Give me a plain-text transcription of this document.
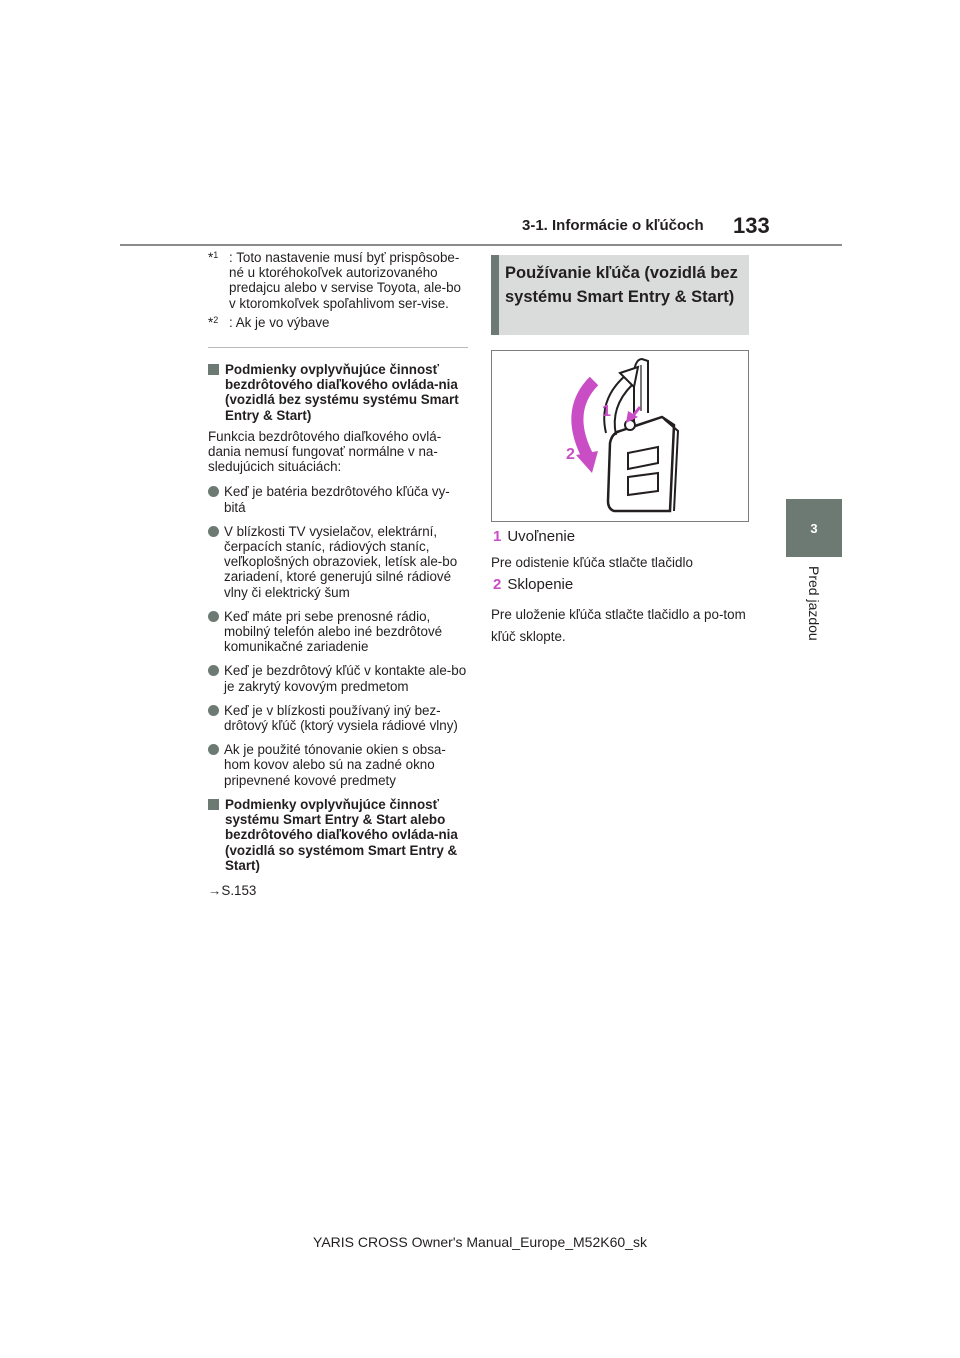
3-1. Informácie o kľúčoch 133
3
Pred jazdou
*$^1$ : Toto nastavenie musí byť prispôsobe-né u ktoréhokoľvek autorizovaného predajcu alebo v servise Toyota, ale-bo v ktoromkoľvek spoľahlivom ser-vise.
*$^2$ : Ak je vo výbave
Podmienky ovplyvňujúce činnosť bezdrôtového diaľkového ovláda-nia (vozidlá bez systému systému Smart Entry & Start)
Funkcia bezdrôtového diaľkového ovlá-dania nemusí fungovať normálne v na-sledujúcich situáciách:
Keď je batéria bezdrôtového kľúča vy-bitá
V blízkosti TV vysielačov, elektrární, čerpacích staníc, rádiových staníc, veľkoplošných obrazoviek, letísk ale-bo zariadení, ktoré generujú silné rádiové vlny či elektrický šum
Keď máte pri sebe prenosné rádio, mobilný telefón alebo iné bezdrôtové komunikačné zariadenie
Keď je bezdrôtový kľúč v kontakte ale-bo je zakrytý kovovým predmetom
Keď je v blízkosti používaný iný bez-drôtový kľúč (ktorý vysiela rádiové vlny)
Ak je použité tónovanie okien s obsa-hom kovov alebo sú na zadné okno pripevnené kovové predmety
Podmienky ovplyvňujúce činnosť systému Smart Entry & Start alebo bezdrôtového diaľkového ovláda-nia (vozidlá so systémom Smart Entry & Start)
→S.153
Používanie kľúča (vozidlá bez systému Smart Entry & Start)
1
2
1 Uvoľnenie
Pre odistenie kľúča stlačte tlačidlo
2 Sklopenie
Pre uloženie kľúča stlačte tlačidlo a po-tom kľúč sklopte.
YARIS CROSS Owner's Manual_Europe_M52K60_sk
